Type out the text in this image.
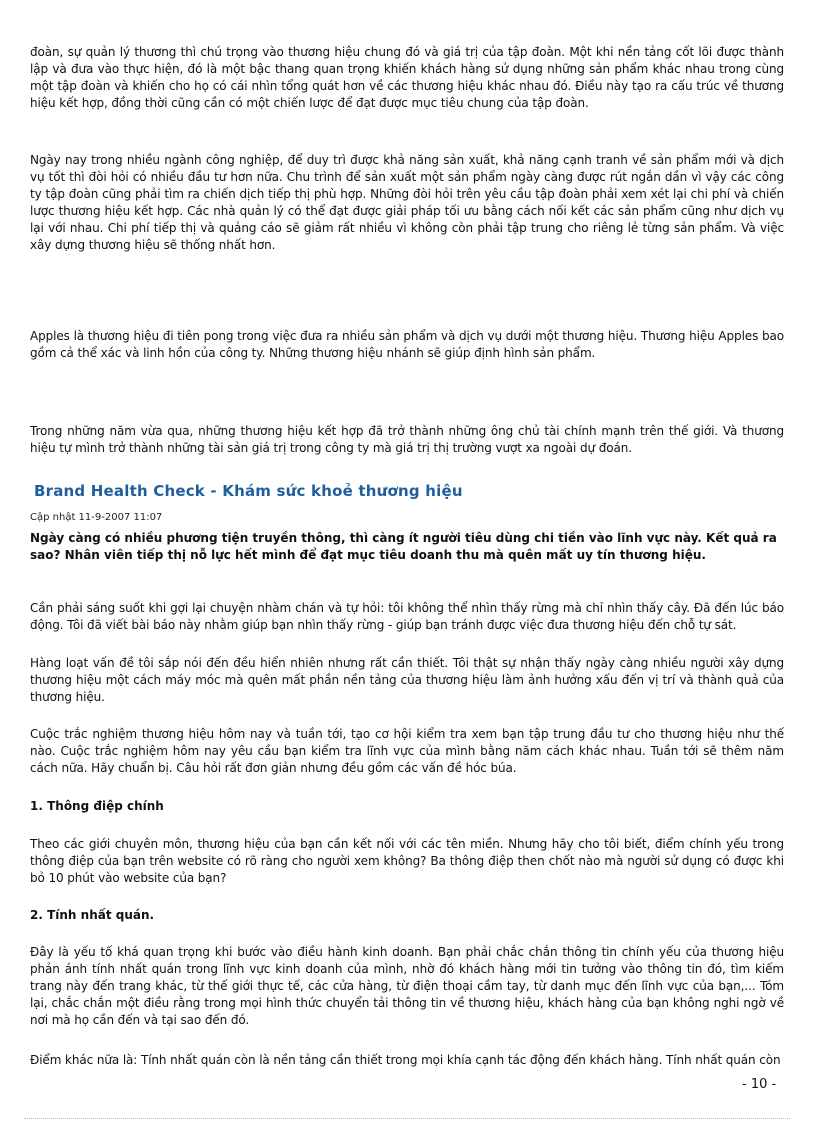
đoàn, sự quản lý thương thì chú trọng vào thương hiệu chung đó và giá trị của tập đoàn. Một khi nền tảng cốt lõi được thành lập và đưa vào thực hiện, đó là một bậc thang quan trọng khiến khách hàng sử dụng những sản phẩm khác nhau trong cùng một tập đoàn và khiến cho họ có cái nhìn tổng quát hơn về các thương hiệu khác nhau đó. Điều này tạo ra cấu trúc về thương hiệu kết hợp, đồng thời cũng cần có một chiến lược để đạt được mục tiêu chung của tập đoàn.

Ngày nay trong nhiều ngành công nghiệp, để duy trì được khả năng sản xuất, khả năng cạnh tranh về sản phẩm mới và dịch vụ tốt thì đòi hỏi có nhiều đầu tư hơn nữa. Chu trình để sản xuất một sản phẩm ngày càng được rút ngắn dần vì vậy các công ty tập đoàn cũng phải tìm ra chiến dịch tiếp thị phù hợp. Những đòi hỏi trên yêu cầu tập đoàn phải xem xét lại chi phí và chiến lược thương hiệu kết hợp. Các nhà quản lý có thể đạt được giải pháp tối ưu bằng cách nối kết các sản phẩm cũng như dịch vụ lại với nhau. Chi phí tiếp thị và quảng cáo sẽ giảm rất nhiều vì không còn phải tập trung cho riêng lẻ từng sản phẩm. Và việc xây dựng thương hiệu sẽ thống nhất hơn.

Apples là thương hiệu đi tiên pong trong việc đưa ra nhiều sản phẩm và dịch vụ dưới một thương hiệu. Thương hiệu Apples bao gồm cả thể xác và linh hồn của công ty. Những thương hiệu nhánh sẽ giúp định hình sản phẩm.

Trong những năm vừa qua, những thương hiệu kết hợp đã trở thành những ông chủ tài chính mạnh trên thế giới. Và thương hiệu tự mình trở thành những tài sản giá trị trong công ty mà giá trị thị trường vượt xa ngoài dự đoán.

Brand Health Check - Khám sức khoẻ thương hiệu

Cập nhật 11-9-2007 11:07

Ngày càng có nhiều phương tiện truyền thông, thì càng ít người tiêu dùng chi tiền vào lĩnh vực này. Kết quả ra sao? Nhân viên tiếp thị nỗ lực hết mình để đạt mục tiêu doanh thu mà quên mất uy tín thương hiệu.

Cần phải sáng suốt khi gợi lại chuyện nhàm chán và tự hỏi: tôi không thể nhìn thấy rừng mà chỉ nhìn thấy cây. Đã đến lúc báo động. Tôi đã viết bài báo này nhằm giúp bạn nhìn thấy rừng - giúp bạn tránh được việc đưa thương hiệu đến chỗ tự sát.

Hàng loạt vấn đề tôi sắp nói đến đều hiển nhiên nhưng rất cần thiết. Tôi thật sự nhận thấy ngày càng nhiều người xây dựng thương hiệu một cách máy móc mà quên mất phần nền tảng của thương hiệu làm ảnh hưởng xấu đến vị trí và thành quả của thương hiệu.

Cuộc trắc nghiệm thương hiệu hôm nay và tuần tới, tạo cơ hội kiểm tra xem bạn tập trung đầu tư cho thương hiệu như thế nào. Cuộc trắc nghiệm hôm nay yêu cầu bạn kiểm tra lĩnh vực của mình bằng năm cách khác nhau. Tuần tới sẽ thêm năm cách nữa. Hãy chuẩn bị. Câu hỏi rất đơn giản nhưng đều gồm các vấn đề hóc búa.

1. Thông điệp chính

Theo các giới chuyên môn, thương hiệu của bạn cần kết nối với các tên miền. Nhưng hãy cho tôi biết, điểm chính yếu trong thông điệp của bạn trên website có rõ ràng cho người xem không? Ba thông điệp then chốt nào mà người sử dụng có được khi bỏ 10 phút vào website của bạn?

2. Tính nhất quán.

Đây là yếu tố khá quan trọng khi bước vào điều hành kinh doanh. Bạn phải chắc chắn thông tin chính yếu của thương hiệu phản ánh tính nhất quán trong lĩnh vực kinh doanh của mình, nhờ đó khách hàng mới tin tưởng vào thông tin đó, tìm kiếm trang này đến trang khác, từ thế giới thực tế, các cửa hàng, từ điện thoại cầm tay, từ danh mục đến lĩnh vực của bạn,... Tóm lại, chắc chắn một điều rằng trong mọi hình thức chuyển tải thông tin về thương hiệu, khách hàng của bạn không nghi ngờ về nơi mà họ cần đến và tại sao đến đó.

Điểm khác nữa là: Tính nhất quán còn là nền tảng cần thiết trong mọi khía cạnh tác động đến khách hàng. Tính nhất quán còn

- 10 -
